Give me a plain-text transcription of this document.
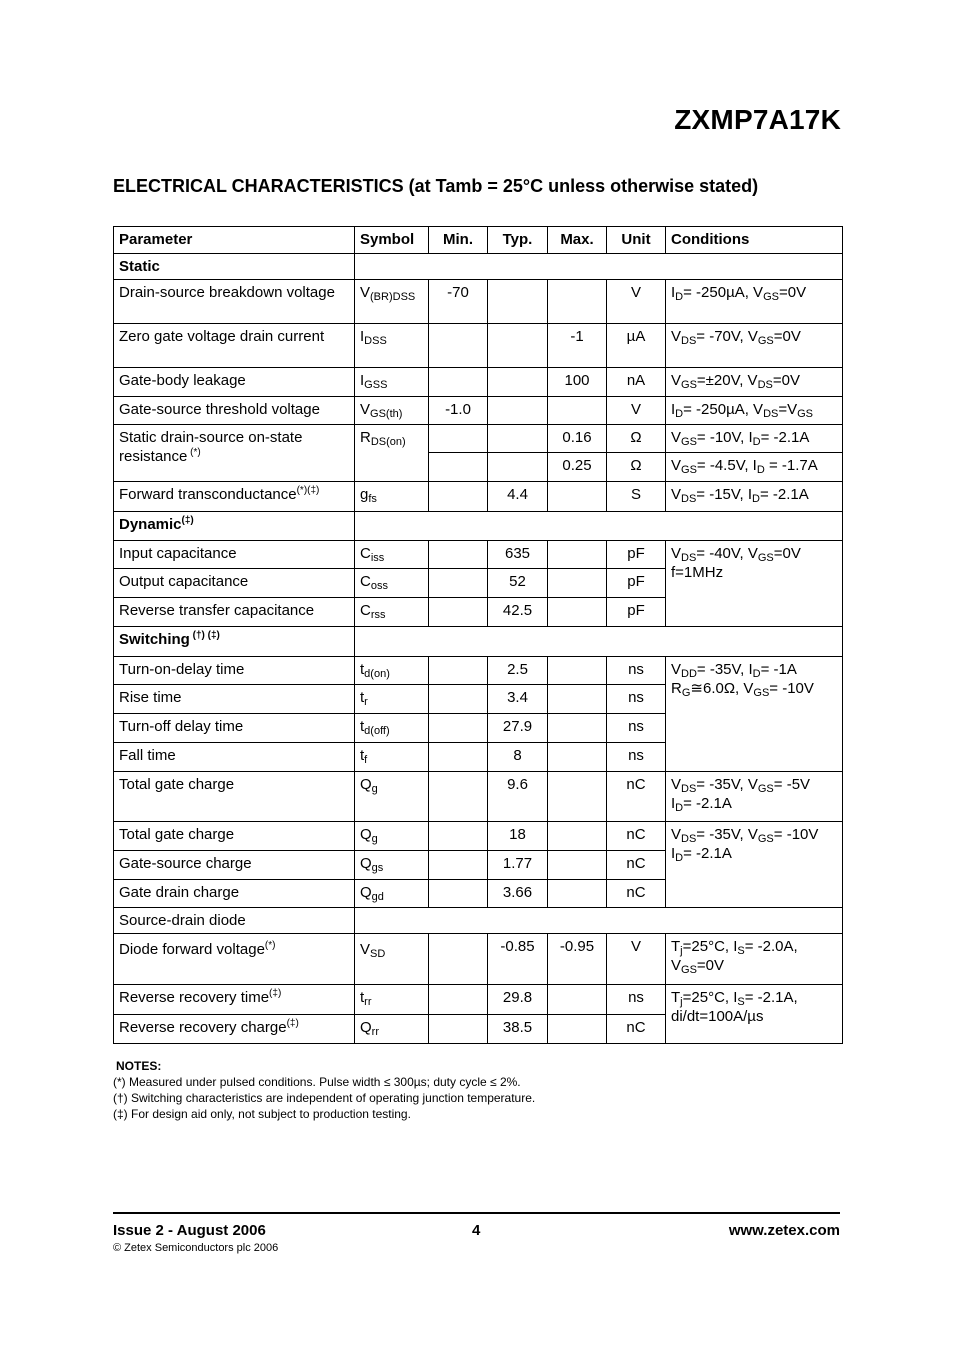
ZXMP7A17K
ELECTRICAL CHARACTERISTICS (at Tamb = 25°C unless otherwise stated)
Parameter	Symbol	Min.	Typ.	Max.	Unit	Conditions
Static						
Drain-source breakdown voltage	$V_{(BR)DSS}$	-70			V	$I_D= -250\mu A$, $V_{GS}=0V$
Zero gate voltage drain current	$I_{DSS}$			-1	µA	$V_{DS}= -70V$, $V_{GS}=0V$
Gate-body leakage	$I_{GSS}$			100	nA	$V_{GS}=\pm 20V$, $V_{DS}=0V$
Gate-source threshold voltage	$V_{GS(th)}$	-1.0			V	$I_D= -250\mu A$, $V_{DS}=V_{GS}$
Static drain-source on-state resistance (*)	$R_{DS(on)}$			0.16	Ω	$V_{GS}= -10V$, $I_D= -2.1A$
				0.25	Ω	$V_{GS}= -4.5V$, $I_D = -1.7A$
Forward transconductance(*)(‡)	$g_{fs}$		4.4		S	$V_{DS}= -15V$, $I_D= -2.1A$
Dynamic(‡)	
Input capacitance	$C_{iss}$		635		pF	$V_{DS}= -40V$, $V_{GS}=0V$
f=1MHz
Output capacitance	$C_{oss}$		52		pF	
Reverse transfer capacitance	$C_{rss}$		42.5		pF	
Switching (†) (‡)	
Turn-on-delay time	$t_{d(on)}$		2.5		ns	$V_{DD}= -35V$, $I_D= -1A$
$R_G≅6.0\Omega$, $V_{GS}= -10V$
Rise time	$t_r$		3.4		ns	
Turn-off delay time	$t_{d(off)}$		27.9		ns	
Fall time	$t_f$		8		ns	
Total gate charge	$Q_g$		9.6		nC	$V_{DS}= -35V$, $V_{GS}= -5V$
$I_D= -2.1A$
Total gate charge	$Q_g$		18		nC	$V_{DS}= -35V$, $V_{GS}= -10V$
$I_D= -2.1A$
Gate-source charge	$Q_{gs}$		1.77		nC	
Gate drain charge	$Q_{gd}$		3.66		nC	
Source-drain diode						
Diode forward voltage(*)	$V_{SD}$		-0.85	-0.95	V	$T_j=25^\circ C$, $I_S= -2.0A$,
$V_{GS}=0V$
Reverse recovery time(‡)	$t_{rr}$		29.8		ns	$T_j=25^\circ C$, $I_S= -2.1A$,
di/dt=100A/µs
Reverse recovery charge(‡)	$Q_{rr}$		38.5		nC	
NOTES:
(*) Measured under pulsed conditions. Pulse width ≤ 300µs; duty cycle ≤ 2%.
(†) Switching characteristics are independent of operating junction temperature.
(‡) For design aid only, not subject to production testing.
Issue 2 - August 2006	4	www.zetex.com
© Zetex Semiconductors plc 2006
